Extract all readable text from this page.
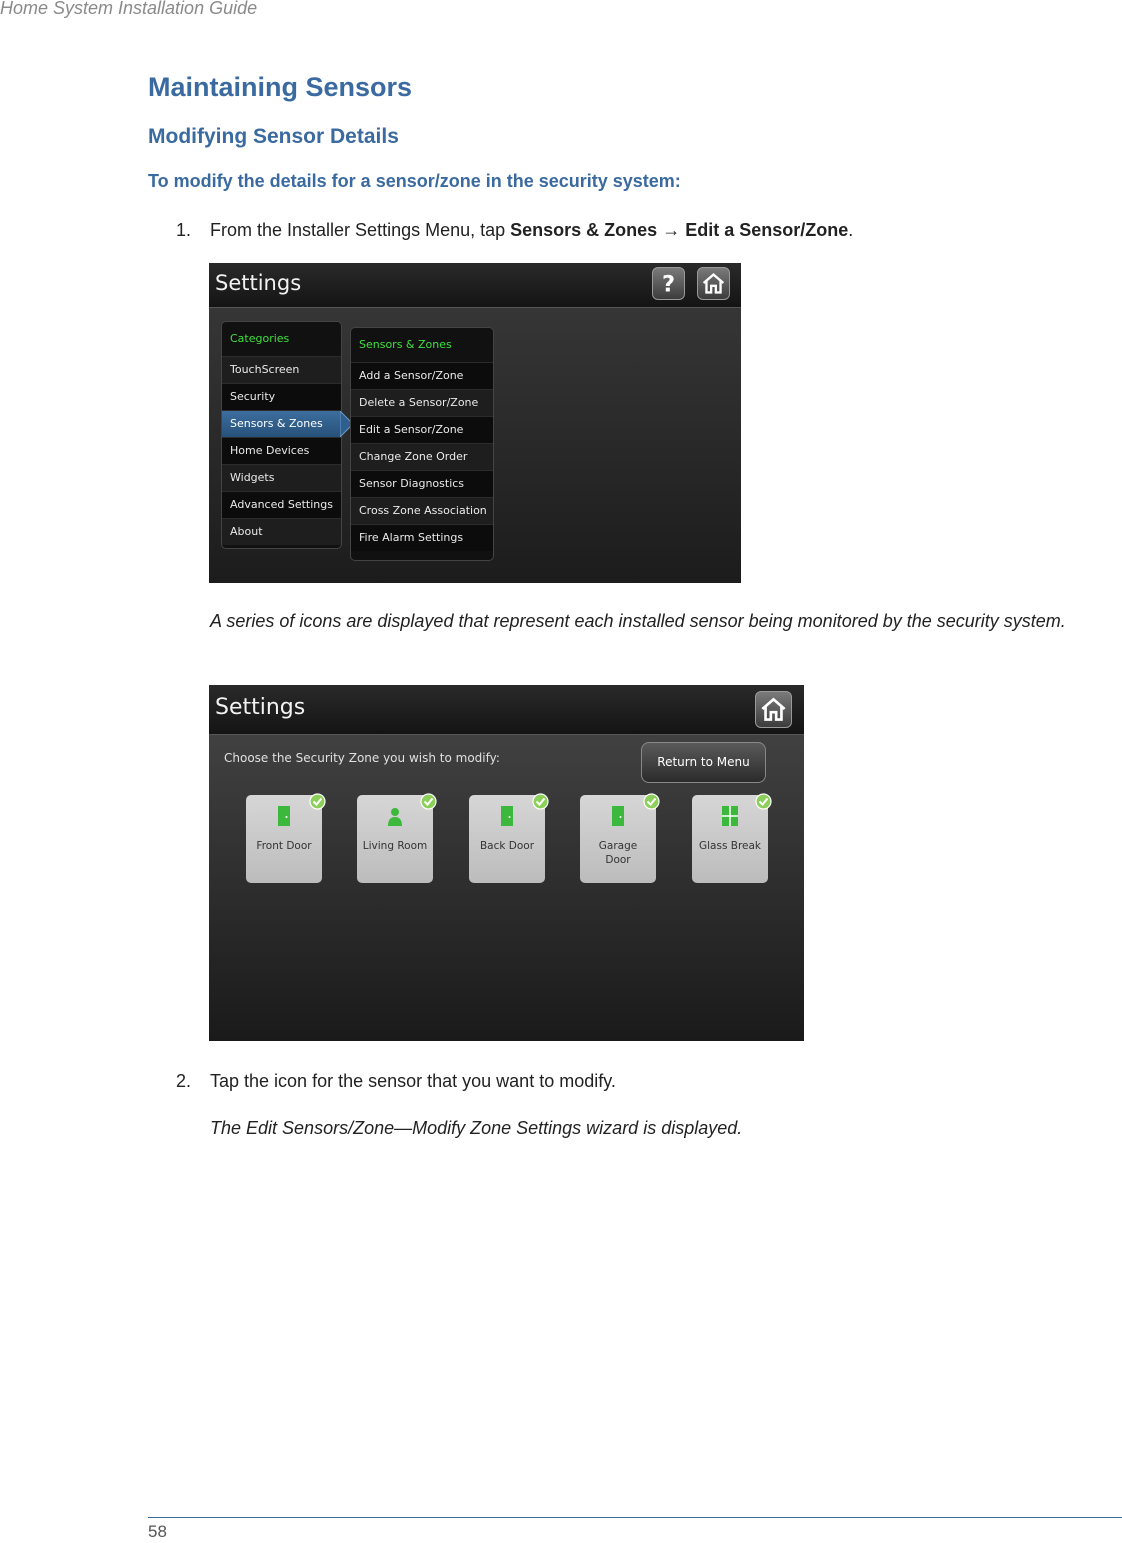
Home System Installation Guide
Maintaining Sensors
Modifying Sensor Details
To modify the details for a sensor/zone in the security system:
1. From the Installer Settings Menu, tap Sensors & Zones → Edit a Sensor/Zone.
Settings	?
Categories
TouchScreen
Security
Sensors & Zones
Home Devices
Widgets
Advanced Settings
About
Sensors & Zones
Add a Sensor/Zone
Delete a Sensor/Zone
Edit a Sensor/Zone
Change Zone Order
Sensor Diagnostics
Cross Zone Association
Fire Alarm Settings
A series of icons are displayed that represent each installed sensor being monitored by the security system.
Settings
Choose the Security Zone you wish to modify:	Return to Menu
Front Door	Living Room	Back Door	Garage Door
Glass Break
2. Tap the icon for the sensor that you want to modify.
The Edit Sensors/Zone—Modify Zone Settings wizard is displayed.
58
